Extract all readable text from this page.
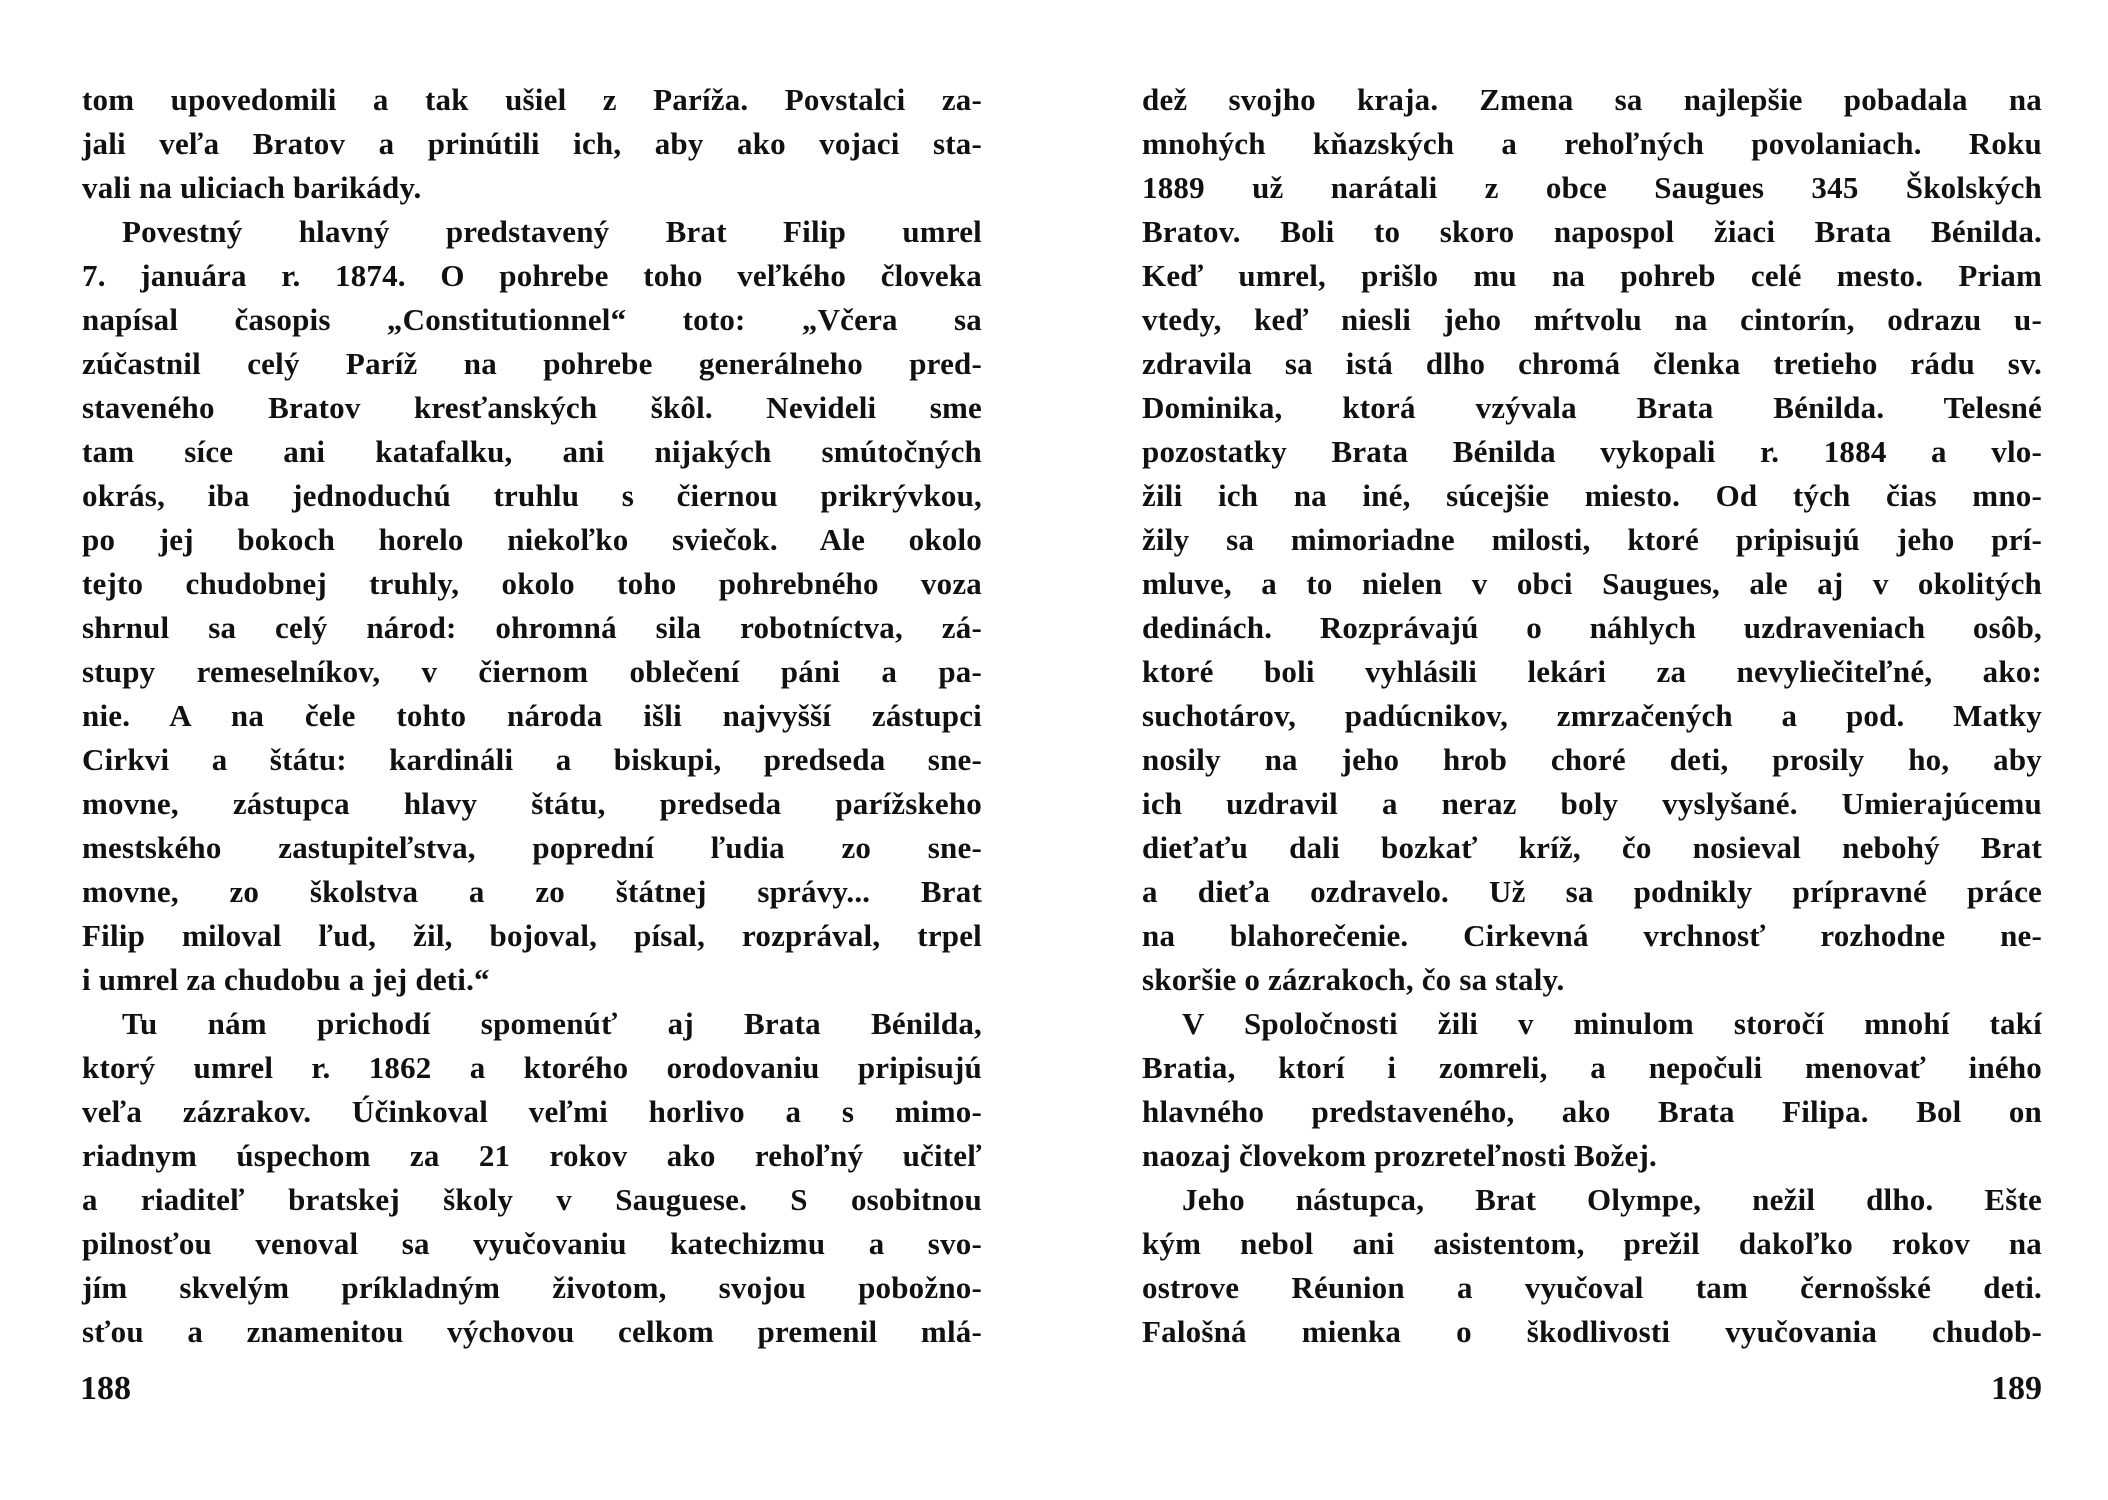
tom upovedomili a tak ušiel z Paríža. Povstalci za-
jali veľa Bratov a prinútili ich, aby ako vojaci sta-
vali na uliciach barikády.
Povestný hlavný predstavený Brat Filip umrel
7. januára r. 1874. O pohrebe toho veľkého človeka
napísal časopis „Constitutionnel“ toto: „Včera sa
zúčastnil celý Paríž na pohrebe generálneho pred-
staveného Bratov kresťanských škôl. Nevideli sme
tam síce ani katafalku, ani nijakých smútočných
okrás, iba jednoduchú truhlu s čiernou prikrývkou,
po jej bokoch horelo niekoľko sviečok. Ale okolo
tejto chudobnej truhly, okolo toho pohrebného voza
shrnul sa celý národ: ohromná sila robotníctva, zá-
stupy remeselníkov, v čiernom oblečení páni a pa-
nie. A na čele tohto národa išli najvyšší zástupci
Cirkvi a štátu: kardináli a biskupi, predseda sne-
movne, zástupca hlavy štátu, predseda parížskeho
mestského zastupiteľstva, poprední ľudia zo sne-
movne, zo školstva a zo štátnej správy... Brat
Filip miloval ľud, žil, bojoval, písal, rozprával, trpel
i umrel za chudobu a jej deti.“
Tu nám prichodí spomenúť aj Brata Bénilda,
ktorý umrel r. 1862 a ktorého orodovaniu pripisujú
veľa zázrakov. Účinkoval veľmi horlivo a s mimo-
riadnym úspechom za 21 rokov ako rehoľný učiteľ
a riaditeľ bratskej školy v Sauguese. S osobitnou
pilnosťou venoval sa vyučovaniu katechizmu a svo-
jím skvelým príkladným životom, svojou pobožno-
sťou a znamenitou výchovou celkom premenil mlá-
188
dež svojho kraja. Zmena sa najlepšie pobadala na
mnohých kňazských a rehoľných povolaniach. Roku
1889 už narátali z obce Saugues 345 Školských
Bratov. Boli to skoro napospol žiaci Brata Bénilda.
Keď umrel, prišlo mu na pohreb celé mesto. Priam
vtedy, keď niesli jeho mŕtvolu na cintorín, odrazu u-
zdravila sa istá dlho chromá členka tretieho rádu sv.
Dominika, ktorá vzývala Brata Bénilda. Telesné
pozostatky Brata Bénilda vykopali r. 1884 a vlo-
žili ich na iné, súcejšie miesto. Od tých čias mno-
žily sa mimoriadne milosti, ktoré pripisujú jeho prí-
mluve, a to nielen v obci Saugues, ale aj v okolitých
dedinách. Rozprávajú o náhlych uzdraveniach osôb,
ktoré boli vyhlásili lekári za nevyliečiteľné, ako:
suchotárov, padúcnikov, zmrzačených a pod. Matky
nosily na jeho hrob choré deti, prosily ho, aby
ich uzdravil a neraz boly vyslyšané. Umierajúcemu
dieťaťu dali bozkať kríž, čo nosieval nebohý Brat
a dieťa ozdravelo. Už sa podnikly prípravné práce
na blahorečenie. Cirkevná vrchnosť rozhodne ne-
skoršie o zázrakoch, čo sa staly.
V Spoločnosti žili v minulom storočí mnohí takí
Bratia, ktorí i zomreli, a nepočuli menovať iného
hlavného predstaveného, ako Brata Filipa. Bol on
naozaj človekom prozreteľnosti Božej.
Jeho nástupca, Brat Olympe, nežil dlho. Ešte
kým nebol ani asistentom, prežil dakoľko rokov na
ostrove Réunion a vyučoval tam černošské deti.
Falošná mienka o škodlivosti vyučovania chudob-
189
